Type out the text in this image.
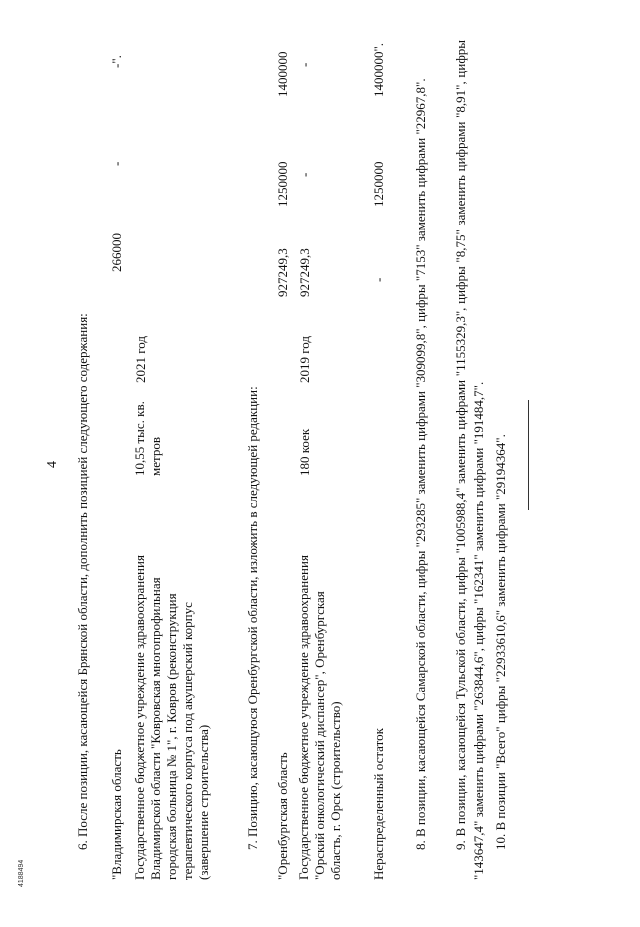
4 6. После позиции, касающейся Брянской области, дополнить позицией следующего содержания: "Владимирская область
266000
-
-".
Государственное бюджетное учреждение здравоохранения Владимирской области "Ковровская многопрофильная городская больница № 1", г. Ковров (реконструкция терапевтического корпуса под акушерский корпус (завершение строительства)
10,55 тыс. кв. метров
2021 год
7. Позицию, касающуюся Оренбургской области, изложить в следующей редакции: "Оренбургская область
927249,3
1250000
1400000
Государственное бюджетное учреждение здравоохранения "Орский онкологический диспансер", Оренбургская область, г. Орск (строительство)
180 коек
2019 год
927249,3
-
-
Нераспределенный остаток
-
1250000
1400000".
8. В позиции, касающейся Самарской области, цифры "293285" заменить цифрами "309099,8", цифры "7153" заменить цифрами "22967,8". 9. В позиции, касающейся Тульской области, цифры "1005988,4" заменить цифрами "1155329,3", цифры "8,75" заменить цифрами "8,91", цифры "143647,4" заменить цифрами "263844,6", цифры "162341" заменить цифрами "191484,7". 10. В позиции "Всего" цифры "22933610,6" заменить цифрами "29194364".
4188494
